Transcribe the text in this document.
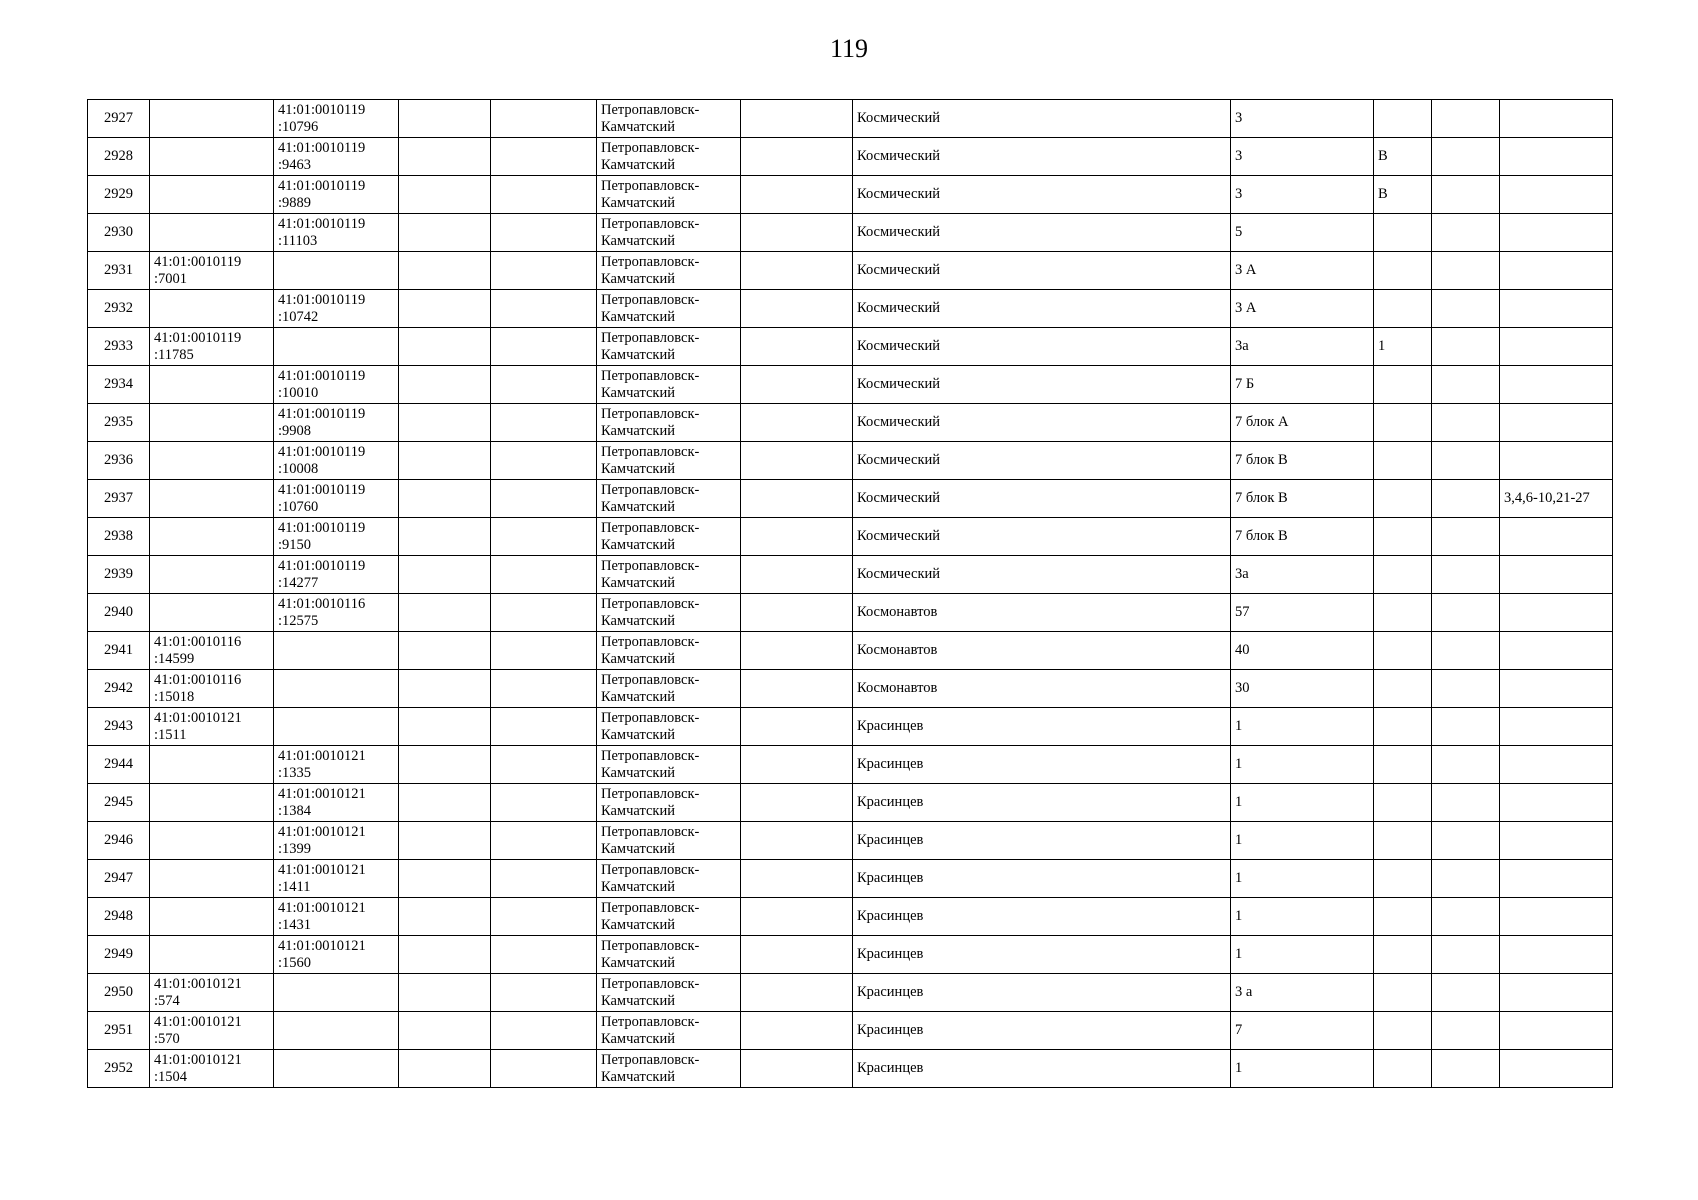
119
2927		41:01:0010119
:10796			Петропавловск-
Камчатский		Космический	3			
2928		41:01:0010119
:9463			Петропавловск-
Камчатский		Космический	3	В		
2929		41:01:0010119
:9889			Петропавловск-
Камчатский		Космический	3	В		
2930		41:01:0010119
:11103			Петропавловск-
Камчатский		Космический	5			
2931	41:01:0010119
:7001				Петропавловск-
Камчатский		Космический	3 А			
2932		41:01:0010119
:10742			Петропавловск-
Камчатский		Космический	3 А			
2933	41:01:0010119
:11785				Петропавловск-
Камчатский		Космический	3а	1		
2934		41:01:0010119
:10010			Петропавловск-
Камчатский		Космический	7 Б			
2935		41:01:0010119
:9908			Петропавловск-
Камчатский		Космический	7 блок А			
2936		41:01:0010119
:10008			Петропавловск-
Камчатский		Космический	7 блок В			
2937		41:01:0010119
:10760			Петропавловск-
Камчатский		Космический	7 блок В			3,4,6-10,21-27
2938		41:01:0010119
:9150			Петропавловск-
Камчатский		Космический	7 блок В			
2939		41:01:0010119
:14277			Петропавловск-
Камчатский		Космический	3а			
2940		41:01:0010116
:12575			Петропавловск-
Камчатский		Космонавтов	57			
2941	41:01:0010116
:14599				Петропавловск-
Камчатский		Космонавтов	40			
2942	41:01:0010116
:15018				Петропавловск-
Камчатский		Космонавтов	30			
2943	41:01:0010121
:1511				Петропавловск-
Камчатский		Красинцев	1			
2944		41:01:0010121
:1335			Петропавловск-
Камчатский		Красинцев	1			
2945		41:01:0010121
:1384			Петропавловск-
Камчатский		Красинцев	1			
2946		41:01:0010121
:1399			Петропавловск-
Камчатский		Красинцев	1			
2947		41:01:0010121
:1411			Петропавловск-
Камчатский		Красинцев	1			
2948		41:01:0010121
:1431			Петропавловск-
Камчатский		Красинцев	1			
2949		41:01:0010121
:1560			Петропавловск-
Камчатский		Красинцев	1			
2950	41:01:0010121
:574				Петропавловск-
Камчатский		Красинцев	3 а			
2951	41:01:0010121
:570				Петропавловск-
Камчатский		Красинцев	7			
2952	41:01:0010121
:1504				Петропавловск-
Камчатский		Красинцев	1			
